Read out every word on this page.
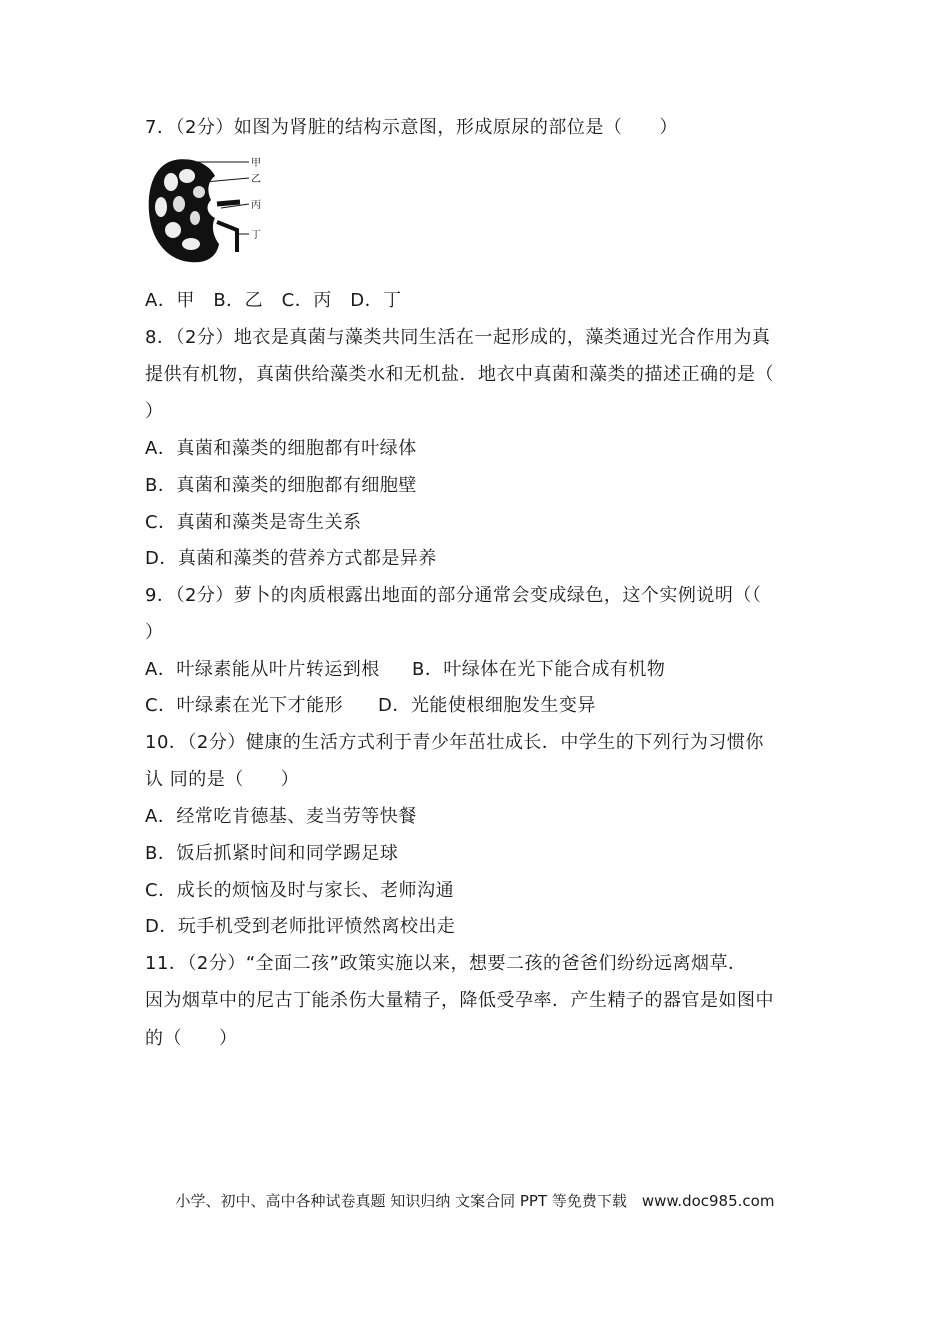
7．（2分）如图为肾脏的结构示意图，形成原尿的部位是（　　）
甲
乙
丙
丁
A．甲　B．乙　C．丙　D．丁
8．（2分）地衣是真菌与藻类共同生活在一起形成的，藻类通过光合作用为真
提供有机物，真菌供给藻类水和无机盐．地衣中真菌和藻类的描述正确的是（
）
A．真菌和藻类的细胞都有叶绿体
B．真菌和藻类的细胞都有细胞壁
C．真菌和藻类是寄生关系
D．真菌和藻类的营养方式都是异养
9．（2分）萝卜的肉质根露出地面的部分通常会变成绿色，这个实例说明（（
）
A．叶绿素能从叶片转运到根 B．叶绿体在光下能合成有机物
C．叶绿素在光下才能形 D．光能使根细胞发生变异
10．（2分）健康的生活方式利于青少年茁壮成长．中学生的下列行为习惯你
认 同的是（　　）
A．经常吃肯德基、麦当劳等快餐
B．饭后抓紧时间和同学踢足球
C．成长的烦恼及时与家长、老师沟通
D．玩手机受到老师批评愤然离校出走
11．（2分）“全面二孩”政策实施以来，想要二孩的爸爸们纷纷远离烟草．
因为烟草中的尼古丁能杀伤大量精子，降低受孕率．产生精子的器官是如图中
的（　　）
小学、初中、高中各种试卷真题 知识归纳 文案合同 PPT 等免费下载　www.doc985.com
